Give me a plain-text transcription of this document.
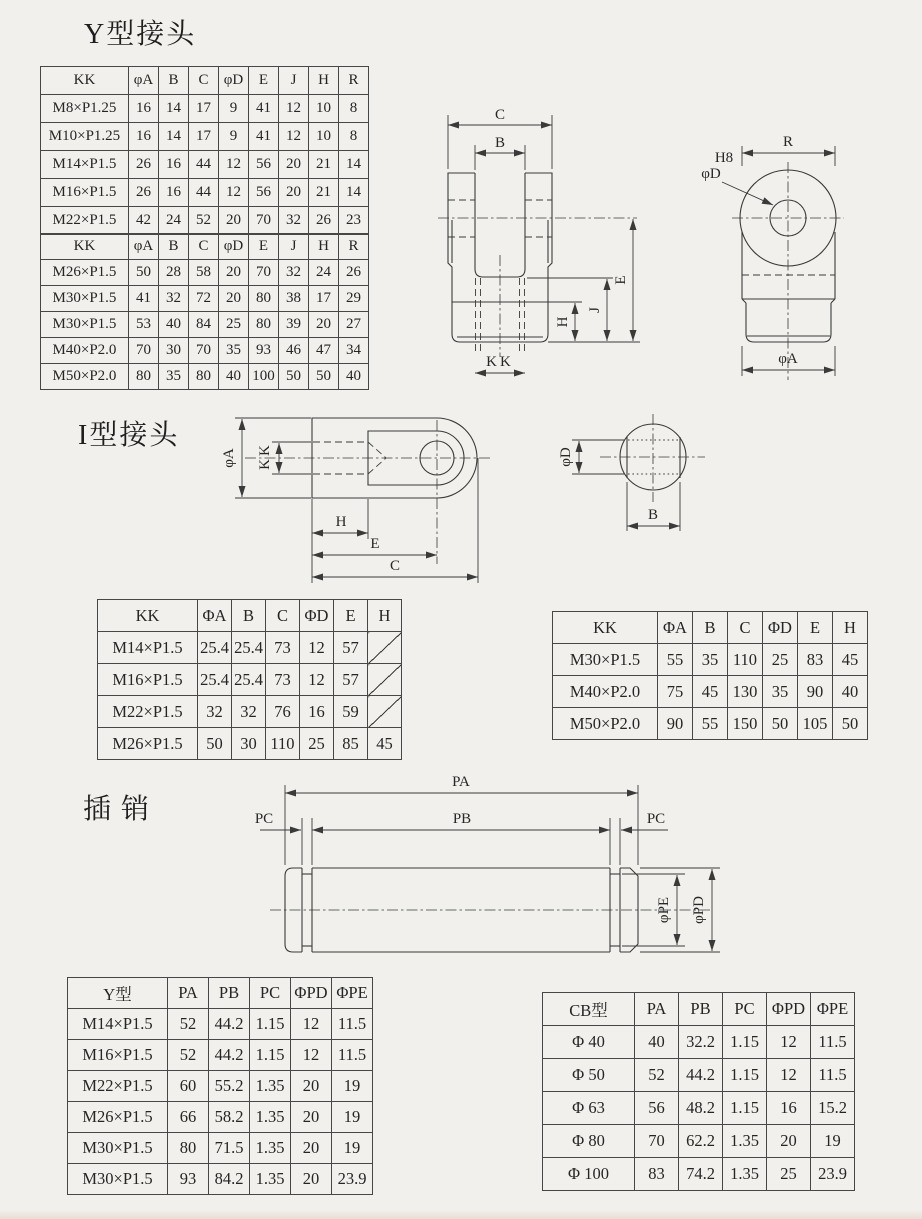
Y型接头
KK	φA	B	C	φD	E	J	H	R
M8×P1.25	16	14	17	9	41	12	10	8
M10×P1.25	16	14	17	9	41	12	10	8
M14×P1.5	26	16	44	12	56	20	21	14
M16×P1.5	26	16	44	12	56	20	21	14
M22×P1.5	42	24	52	20	70	32	26	23
KK	φA	B	C	φD	E	J	H	R
M26×P1.5	50	28	58	20	70	32	24	26
M30×P1.5	41	32	72	20	80	38	17	29
M30×P1.5	53	40	84	25	80	39	20	27
M40×P2.0	70	30	70	35	93	46	47	34
M50×P2.0	80	35	80	40	100	50	50	40
C
B
KK
H
J
E
R
H8
φD
φA
I型接头
φA KK
H
E
C
φD
B
KK	ΦA	B	C	ΦD	E	H
M14×P1.5	25.4	25.4	73	12	57	
M16×P1.5	25.4	25.4	73	12	57	
M22×P1.5	32	32	76	16	59	
M26×P1.5	50	30	110	25	85	45
KK	ΦA	B	C	ΦD	E	H
M30×P1.5	55	35	110	25	83	45
M40×P2.0	75	45	130	35	90	40
M50×P2.0	90	55	150	50	105	50
插销
PA
PB
PC	PC
φPE φPD
Y型	PA	PB	PC	ΦPD	ΦPE
M14×P1.5	52	44.2	1.15	12	11.5
M16×P1.5	52	44.2	1.15	12	11.5
M22×P1.5	60	55.2	1.35	20	19
M26×P1.5	66	58.2	1.35	20	19
M30×P1.5	80	71.5	1.35	20	19
M30×P1.5	93	84.2	1.35	20	23.9
CB型	PA	PB	PC	ΦPD	ΦPE
Φ 40	40	32.2	1.15	12	11.5
Φ 50	52	44.2	1.15	12	11.5
Φ 63	56	48.2	1.15	16	15.2
Φ 80	70	62.2	1.35	20	19
Φ 100	83	74.2	1.35	25	23.9
